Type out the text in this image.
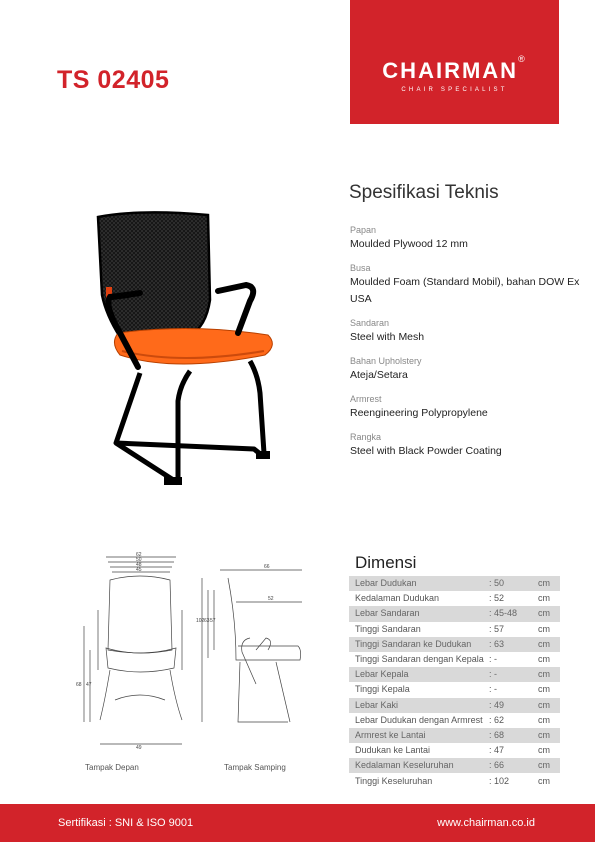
TS 02405	CHAIRMAN®
CHAIR SPECIALIST
Spesifikasi Teknis
Papan
Moulded Plywood 12 mm
Busa
Moulded Foam (Standard Mobil), bahan DOW Ex USA
Sandaran
Steel with Mesh
Bahan Upholstery
Ateja/Setara
Armrest
Reengineering Polypropylene
Rangka
Steel with Black Powder Coating
62
50
48
45
49
68 47
66
52
102 63 57
Tampak Depan	Tampak Samping
Dimensi
Lebar Dudukan	: 50	cm
Kedalaman Dudukan	: 52	cm
Lebar Sandaran	: 45-48	cm
Tinggi Sandaran	: 57	cm
Tinggi Sandaran ke Dudukan	: 63	cm
Tinggi Sandaran dengan Kepala	: -	cm
Lebar Kepala	: -	cm
Tinggi Kepala	: -	cm
Lebar Kaki	: 49	cm
Lebar Dudukan dengan Armrest	: 62	cm
Armrest ke Lantai	: 68	cm
Dudukan ke Lantai	: 47	cm
Kedalaman Keseluruhan	: 66	cm
Tinggi Keseluruhan	: 102	cm
Sertifikasi : SNI & ISO 9001	www.chairman.co.id
